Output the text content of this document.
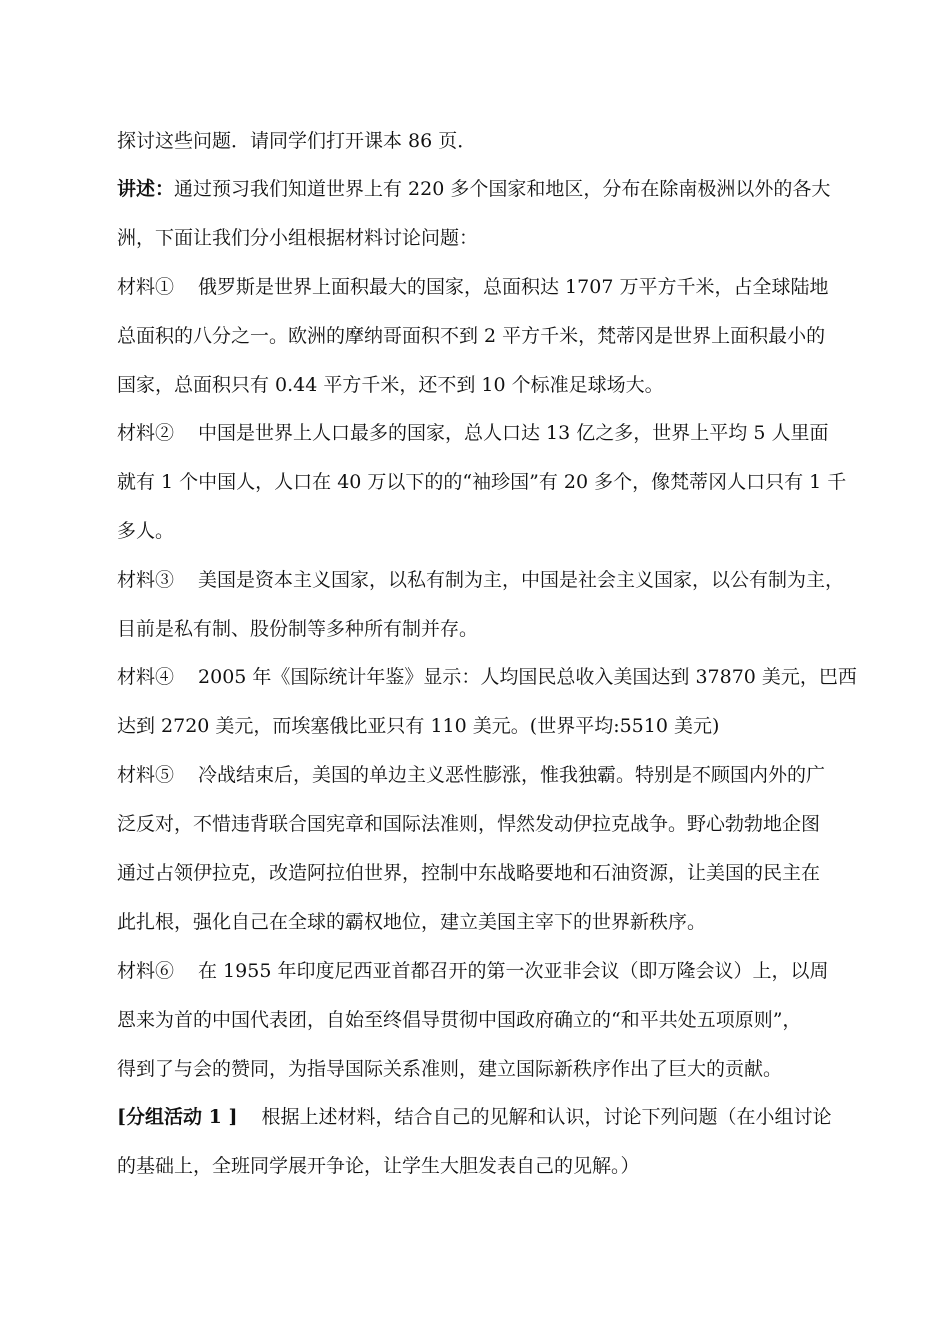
探讨这些问题．请同学们打开课本 86 页．
讲述：通过预习我们知道世界上有 220 多个国家和地区，分布在除南极洲以外的各大
洲，下面让我们分小组根据材料讨论问题：
材料① 俄罗斯是世界上面积最大的国家，总面积达 1707 万平方千米，占全球陆地
总面积的八分之一。欧洲的摩纳哥面积不到 2 平方千米，梵蒂冈是世界上面积最小的
国家，总面积只有 0.44 平方千米，还不到 10 个标准足球场大。
材料② 中国是世界上人口最多的国家，总人口达 13 亿之多，世界上平均 5 人里面
就有 1 个中国人，人口在 40 万以下的的“袖珍国”有 20 多个，像梵蒂冈人口只有 1 千
多人。
材料③ 美国是资本主义国家，以私有制为主，中国是社会主义国家，以公有制为主，
目前是私有制、股份制等多种所有制并存。
材料④ 2005 年《国际统计年鉴》显示：人均国民总收入美国达到 37870 美元，巴西
达到 2720 美元，而埃塞俄比亚只有 110 美元。(世界平均:5510 美元)
材料⑤ 冷战结束后，美国的单边主义恶性膨涨，惟我独霸。特别是不顾国内外的广
泛反对，不惜违背联合国宪章和国际法准则，悍然发动伊拉克战争。野心勃勃地企图
通过占领伊拉克，改造阿拉伯世界，控制中东战略要地和石油资源，让美国的民主在
此扎根，强化自己在全球的霸权地位，建立美国主宰下的世界新秩序。
材料⑥ 在 1955 年印度尼西亚首都召开的第一次亚非会议（即万隆会议）上，以周
恩来为首的中国代表团，自始至终倡导贯彻中国政府确立的“和平共处五项原则”，
得到了与会的赞同，为指导国际关系准则，建立国际新秩序作出了巨大的贡献。
[分组活动 1 ] 根据上述材料，结合自己的见解和认识，讨论下列问题（在小组讨论
的基础上，全班同学展开争论，让学生大胆发表自己的见解。）
